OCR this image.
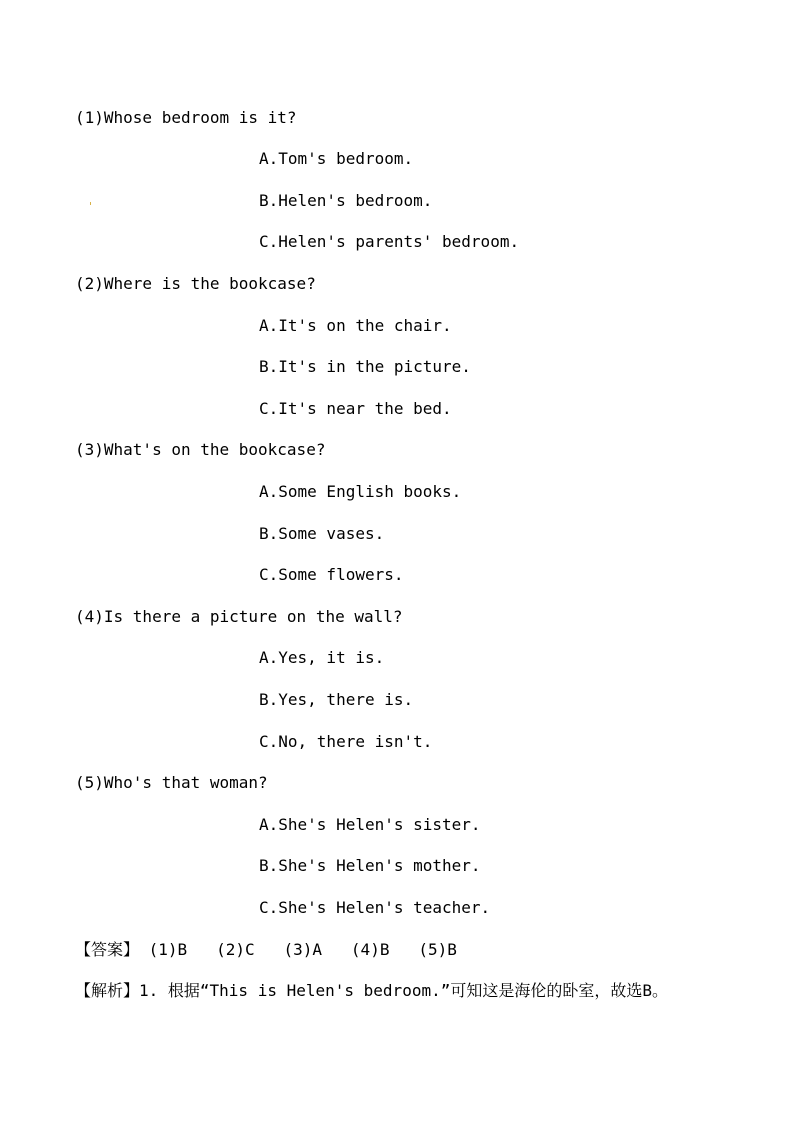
(1)Whose bedroom is it?
A.Tom's bedroom.
B.Helen's bedroom.
C.Helen's parents' bedroom.
(2)Where is the bookcase?
A.It's on the chair.
B.It's in the picture.
C.It's near the bed.
(3)What's on the bookcase?
A.Some English books.
B.Some vases.
C.Some flowers.
(4)Is there a picture on the wall?
A.Yes, it is.
B.Yes, there is.
C.No, there isn't.
(5)Who's that woman?
A.She's Helen's sister.
B.She's Helen's mother.
C.She's Helen's teacher.
【答案】 (1)B   (2)C   (3)A   (4)B   (5)B
【解析】1. 根据“This is Helen's bedroom.”可知这是海伦的卧室，故选B。
